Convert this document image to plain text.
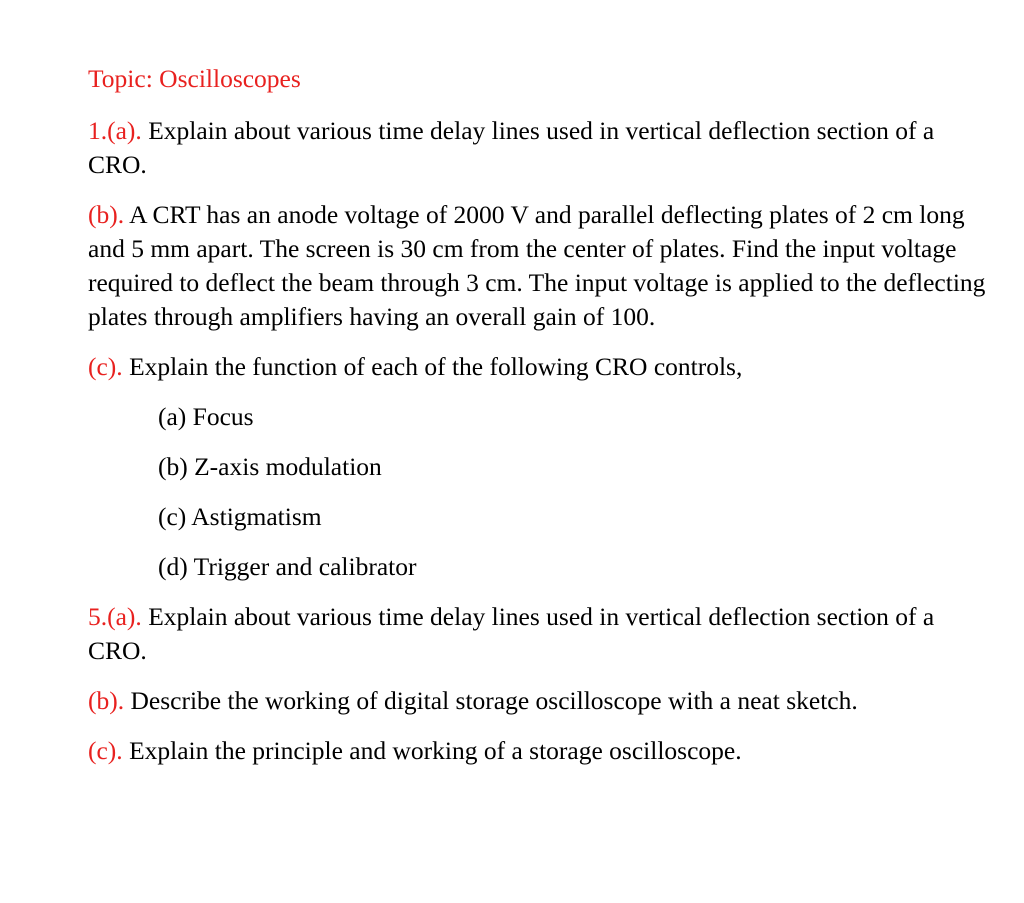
Topic: Oscilloscopes

1.(a). Explain about various time delay lines used in vertical deflection section of a CRO.

(b). A CRT has an anode voltage of 2000 V and parallel deflecting plates of 2 cm long and 5 mm apart. The screen is 30 cm from the center of plates. Find the input voltage required to deflect the beam through 3 cm. The input voltage is applied to the deflecting plates through amplifiers having an overall gain of 100.

(c). Explain the function of each of the following CRO controls,

(a) Focus
(b) Z-axis modulation
(c) Astigmatism
(d) Trigger and calibrator

5.(a). Explain about various time delay lines used in vertical deflection section of a CRO.

(b). Describe the working of digital storage oscilloscope with a neat sketch.

(c). Explain the principle and working of a storage oscilloscope.
